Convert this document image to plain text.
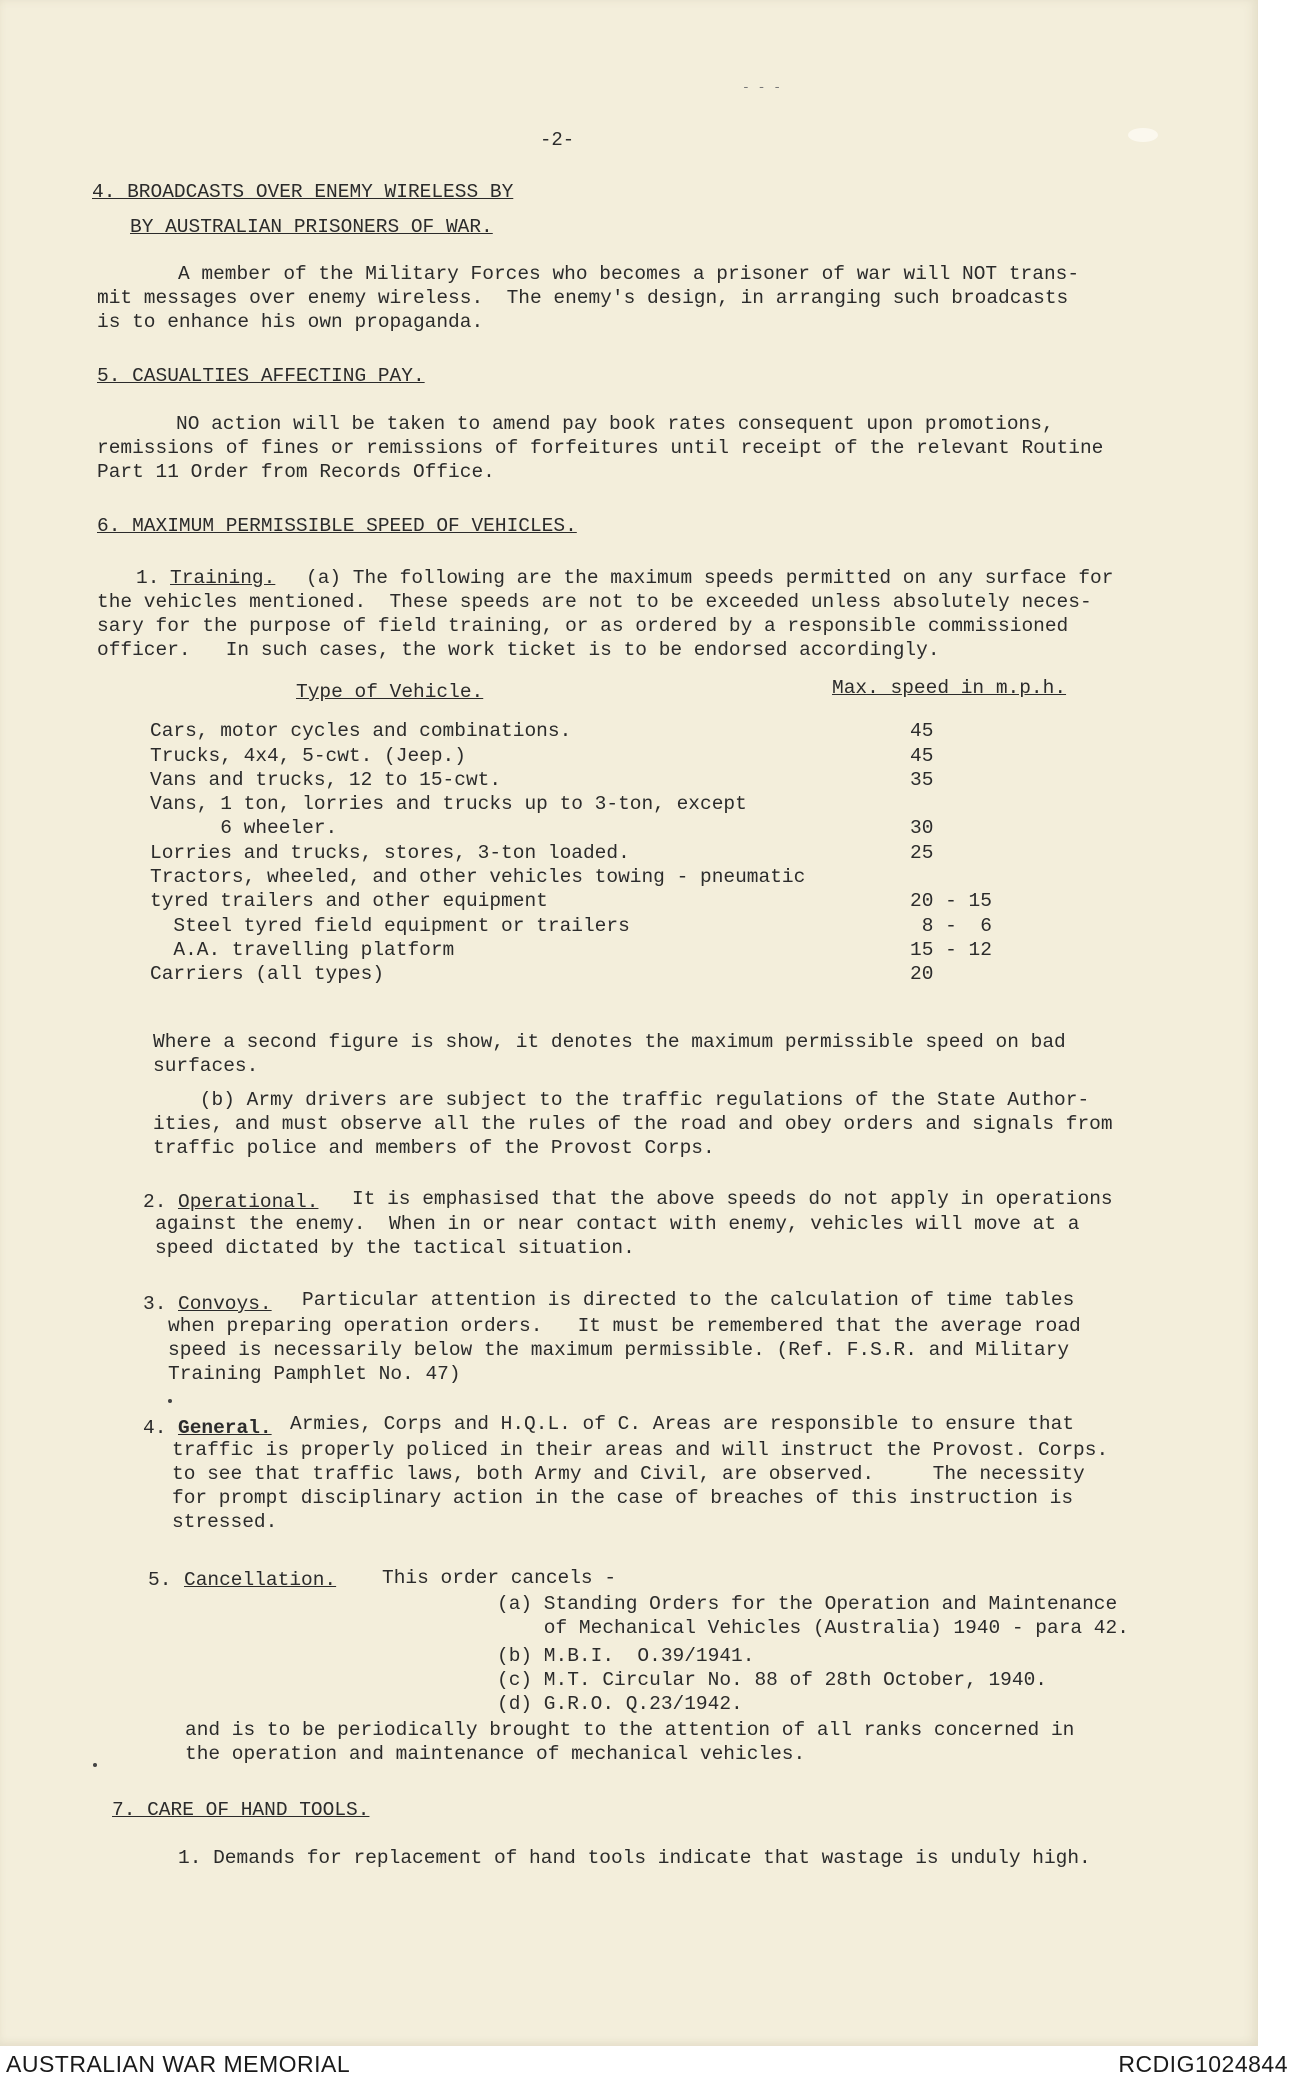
- - -
-2-
4. BROADCASTS OVER ENEMY WIRELESS BY
BY AUSTRALIAN PRISONERS OF WAR.
A member of the Military Forces who becomes a prisoner of war will NOT trans-
mit messages over enemy wireless.  The enemy's design, in arranging such broadcasts
is to enhance his own propaganda.
5. CASUALTIES AFFECTING PAY.
NO action will be taken to amend pay book rates consequent upon promotions,
remissions of fines or remissions of forfeitures until receipt of the relevant Routine
Part 11 Order from Records Office.
6. MAXIMUM PERMISSIBLE SPEED OF VEHICLES.
1. Training. (a) The following are the maximum speeds permitted on any surface for
the vehicles mentioned.  These speeds are not to be exceeded unless absolutely neces-
sary for the purpose of field training, or as ordered by a responsible commissioned
officer.   In such cases, the work ticket is to be endorsed accordingly.
Type of Vehicle.	Max. speed in m.p.h.
Cars, motor cycles and combinations.	45
Trucks, 4x4, 5-cwt. (Jeep.)	45
Vans and trucks, 12 to 15-cwt.	35
Vans, 1 ton, lorries and trucks up to 3-ton, except
6 wheeler.	30
Lorries and trucks, stores, 3-ton loaded.	25
Tractors, wheeled, and other vehicles towing - pneumatic
tyred trailers and other equipment	20 - 15
Steel tyred field equipment or trailers	8 -  6
A.A. travelling platform	15 - 12
Carriers (all types)	20
Where a second figure is show, it denotes the maximum permissible speed on bad
surfaces.
(b) Army drivers are subject to the traffic regulations of the State Author-
ities, and must observe all the rules of the road and obey orders and signals from
traffic police and members of the Provost Corps.
2. Operational. It is emphasised that the above speeds do not apply in operations
against the enemy.  When in or near contact with enemy, vehicles will move at a
speed dictated by the tactical situation.
3. Convoys. Particular attention is directed to the calculation of time tables
when preparing operation orders.   It must be remembered that the average road
speed is necessarily below the maximum permissible. (Ref. F.S.R. and Military
Training Pamphlet No. 47)
4. General. Armies, Corps and H.Q.L. of C. Areas are responsible to ensure that
traffic is properly policed in their areas and will instruct the Provost. Corps.
to see that traffic laws, both Army and Civil, are observed.     The necessity
for prompt disciplinary action in the case of breaches of this instruction is
stressed.
5. Cancellation. This order cancels -
(a) Standing Orders for the Operation and Maintenance
of Mechanical Vehicles (Australia) 1940 - para 42.
(b) M.B.I.  O.39/1941.
(c) M.T. Circular No. 88 of 28th October, 1940.
(d) G.R.O. Q.23/1942.
and is to be periodically brought to the attention of all ranks concerned in
the operation and maintenance of mechanical vehicles.
7. CARE OF HAND TOOLS.
1. Demands for replacement of hand tools indicate that wastage is unduly high.
AUSTRALIAN WAR MEMORIAL	RCDIG1024844
